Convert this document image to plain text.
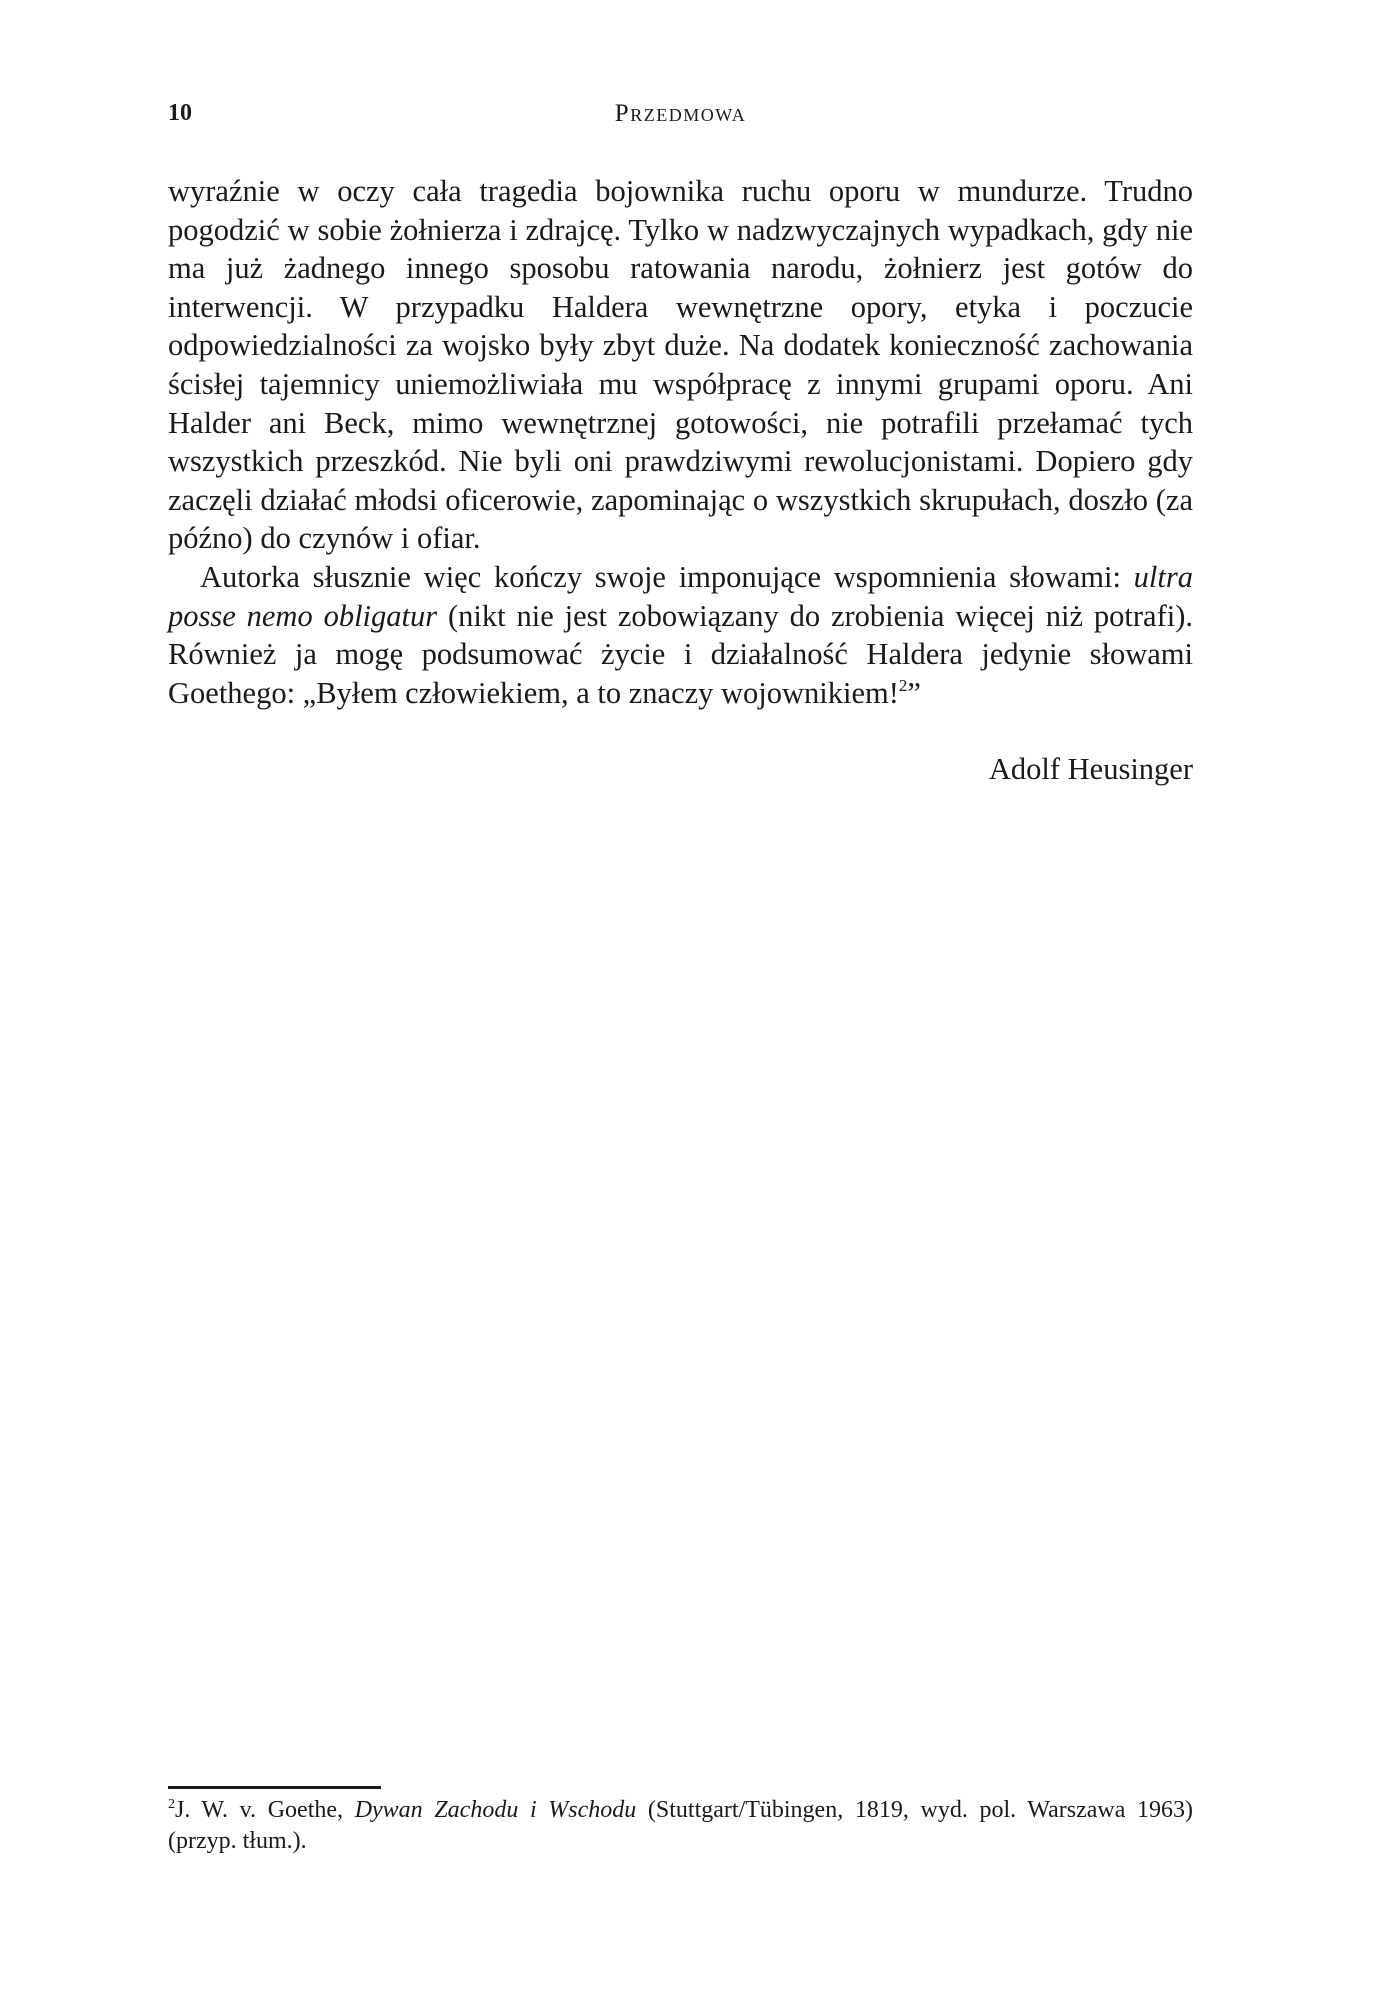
10	Przedmowa

wyraźnie w oczy cała tragedia bojownika ruchu oporu w mundurze. Trudno pogodzić w sobie żołnierza i zdrajcę. Tylko w nadzwyczajnych wypadkach, gdy nie ma już żadnego innego sposobu ratowania narodu, żołnierz jest gotów do interwencji. W przypadku Haldera wewnętrzne opory, etyka i poczucie odpowiedzialności za wojsko były zbyt duże. Na dodatek konieczność zachowania ścisłej tajemnicy uniemożliwiała mu współpracę z innymi grupami oporu. Ani Halder ani Beck, mimo wewnętrznej gotowości, nie potrafili przełamać tych wszystkich przeszkód. Nie byli oni prawdziwymi rewolucjonistami. Dopiero gdy zaczęli działać młodsi oficerowie, zapominając o wszystkich skrupułach, doszło (za późno) do czynów i ofiar.

Autorka słusznie więc kończy swoje imponujące wspomnienia słowami: ultra posse nemo obligatur (nikt nie jest zobowiązany do zrobienia więcej niż potrafi). Również ja mogę podsumować życie i działalność Haldera jedynie słowami Goethego: „Byłem człowiekiem, a to znaczy wojownikiem!$^2$”

Adolf Heusinger
$^2$J. W. v. Goethe, Dywan Zachodu i Wschodu (Stuttgart/Tübingen, 1819, wyd. pol. Warszawa 1963) (przyp. tłum.).
